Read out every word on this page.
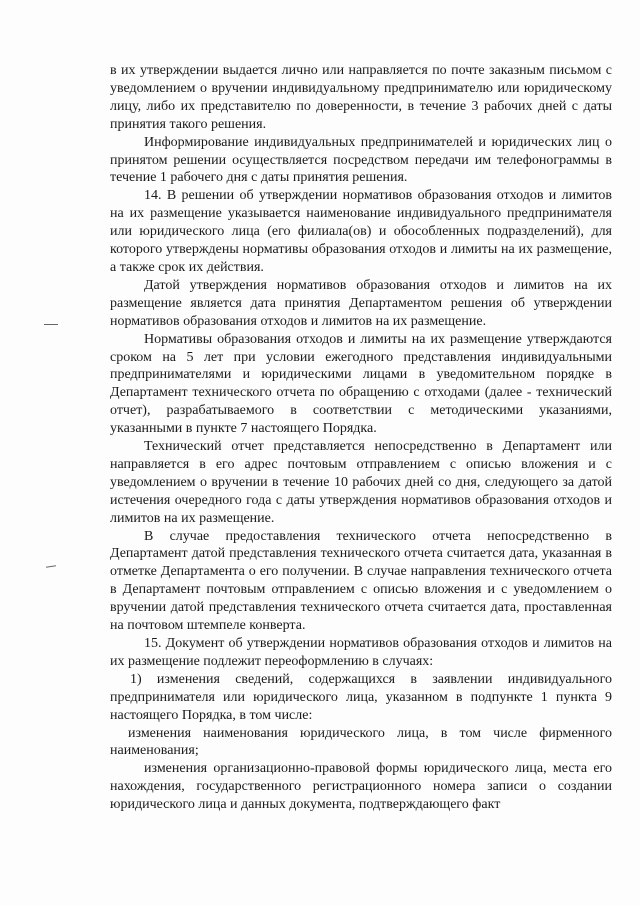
в их утверждении выдается лично или направляется по почте заказным письмом с уведомлением о вручении индивидуальному предпринимателю или юридическому лицу, либо их представителю по доверенности, в течение 3 рабочих дней с даты принятия такого решения.

Информирование индивидуальных предпринимателей и юридических лиц о принятом решении осуществляется посредством передачи им телефонограммы в течение 1 рабочего дня с даты принятия решения.

14. В решении об утверждении нормативов образования отходов и лимитов на их размещение указывается наименование индивидуального предпринимателя или юридического лица (его филиала(ов) и обособленных подразделений), для которого утверждены нормативы образования отходов и лимиты на их размещение, а также срок их действия.

Датой утверждения нормативов образования отходов и лимитов на их размещение является дата принятия Департаментом решения об утверждении нормативов образования отходов и лимитов на их размещение.

Нормативы образования отходов и лимиты на их размещение утверждаются сроком на 5 лет при условии ежегодного представления индивидуальными предпринимателями и юридическими лицами в уведомительном порядке в Департамент технического отчета по обращению с отходами (далее - технический отчет), разрабатываемого в соответствии с методическими указаниями, указанными в пункте 7 настоящего Порядка.

Технический отчет представляется непосредственно в Департамент или направляется в его адрес почтовым отправлением с описью вложения и с уведомлением о вручении в течение 10 рабочих дней со дня, следующего за датой истечения очередного года с даты утверждения нормативов образования отходов и лимитов на их размещение.

В случае предоставления технического отчета непосредственно в Департамент датой представления технического отчета считается дата, указанная в отметке Департамента о его получении. В случае направления технического отчета в Департамент почтовым отправлением с описью вложения и с уведомлением о вручении датой представления технического отчета считается дата, проставленная на почтовом штемпеле конверта.

15. Документ об утверждении нормативов образования отходов и лимитов на их размещение подлежит переоформлению в случаях:

1) изменения сведений, содержащихся в заявлении индивидуального предпринимателя или юридического лица, указанном в подпункте 1 пункта 9 настоящего Порядка, в том числе:

изменения наименования юридического лица, в том числе фирменного наименования;

изменения организационно-правовой формы юридического лица, места его нахождения, государственного регистрационного номера записи о создании юридического лица и данных документа, подтверждающего факт
